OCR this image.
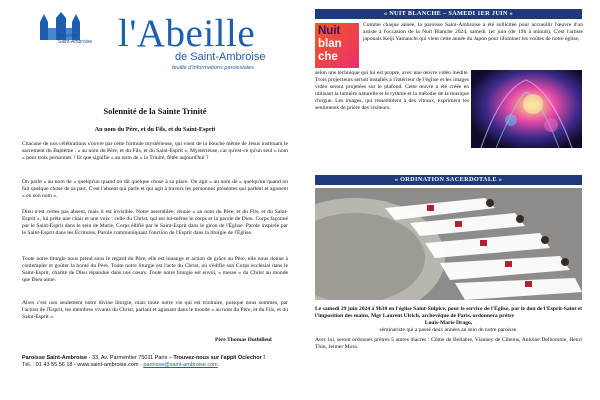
Paroisse
Saint-Ambroise l'Abeille
de Saint-Ambroise
feuille d'informations paroissiales
Solennité de la Sainte Trinité
Au nom du Père, et du Fils, et du Saint-Esprit
Chacune de nos célébrations s'ouvre par cette formule mystérieuse, qui vient de la bouche même de Jésus instituant le sacrement du Baptême : « au nom du Père, et du Fils, et du Saint-Esprit ». Mystérieuse, car qu'est-ce qu'un seul « nom » pour trois personnes ? Et que signifie « au nom de « la Trinité, fêtée aujourd'hui ?
On parle « au nom de » quelqu'un quand on dit quelque chose à sa place. On agit « au nom de » quelqu'un quand on fait quelque chose de sa part. C'est l'absent qui parle et qui agit à travers les personnes présentes qui parlent et agissent « en son nom ».
Dieu n'est certes pas absent, mais il est invisible. Notre assemblée, réunie « au nom du Père, et du Fils, et du Saint-Esprit », lui prête une chair et une voix : celle du Christ, qui est lui-même le corps et la parole de Dieu. Corps façonné par le Saint-Esprit dans le sein de Marie, Corps édifié par le Saint-Esprit dans le giron de l'Église. Parole inspirée par le Saint-Esprit dans les Écritures, Parole communiquant l'onction de l'Esprit dans la liturgie de l'Église.
Toute notre liturgie nous prend sous le regard du Père, elle est louange et action de grâce au Père, elle nous donne à contempler et goûter la bonté du Père. Toute notre liturgie est l'acte du Christ, où s'édifie son Corps ecclésial dans le Saint-Esprit, charité de Dieu répandue dans nos cœurs. Toute notre liturgie est envoi, « messe » du Christ au monde que Dieu aime.
Alors c'est non seulement notre divine liturgie, mais toute notre vie qui est trinitaire, puisque nous sommes, par l'action de l'Esprit, les membres vivants du Christ, parlant et agissant dans le monde « au nom du Père, et du Fils, et du Saint-Esprit ».
Père Thomas Duthilleul
Paroisse Saint-Ambroise - 33, Av. Parmentier 75011 Paris – Trouvez-nous sur l'appli Oclechor !
Tél. : 01 43 55 56 18 - www.saint-ambroise.com - paroisse@saint-ambroise.com
« NUIT BLANCHE – SAMEDI 1ER JUIN »
Nuit
blan
che
Comme chaque année, la paroisse Saint-Ambroise a été sollicitée pour accueillir l'œuvre d'un artiste à l'occasion de la Nuit Blanche 2024, samedi 1er juin (de 19h à minuit). C'est l'artiste japonais Keiji Yamauchi qui vient cette année du Japon pour illuminer les voûtes de notre église,
selon une technique qui lui est propre, avec une œuvre vidéo inédite. Trois projecteurs seront installés à l'intérieur de l'église et les images vidéo seront projetées sur le plafond. Cette œuvre a été créée en utilisant la lumière naturelle et le rythme et la mélodie de la musique d'orgue. Les images, qui ressemblent à des vitraux, expriment les sentiments de prière des visiteurs.
« ORDINATION SACERDOTALE »
Le samedi 29 juin 2024 à 9h30 en l'église Saint-Sulpice, pour le service de l'Église, par le don de l'Esprit-Saint et l'imposition des mains, Mgr Laurent Ulrich, archevêque de Paris, ordonnera prêtre
Louis-Marie Drago,
séminariste qui a passé deux années au sein de notre paroisse.
Avec lui, seront ordonnés prêtres 5 autres diacres : Côme de Bellabre, Vianney de Cibeins, Antoine Delhomme, Henri Thin, Jeimer Mora.
